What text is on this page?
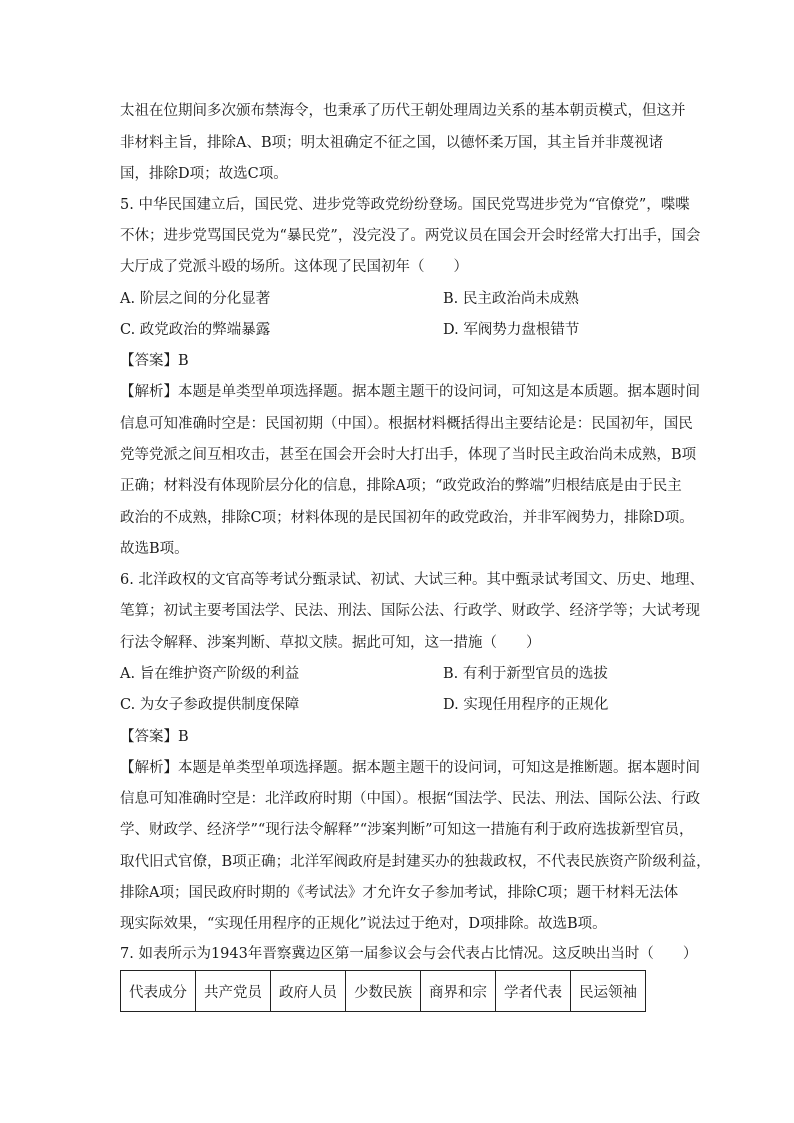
太祖在位期间多次颁布禁海令，也秉承了历代王朝处理周边关系的基本朝贡模式，但这并
非材料主旨，排除A、B项；明太祖确定不征之国，以德怀柔万国，其主旨并非蔑视诸
国，排除D项；故选C项。
5. 中华民国建立后，国民党、进步党等政党纷纷登场。国民党骂进步党为“官僚党”，喋喋
不休；进步党骂国民党为“暴民党”，没完没了。两党议员在国会开会时经常大打出手，国会
大厅成了党派斗殴的场所。这体现了民国初年（　　）
A. 阶层之间的分化显著	B. 民主政治尚未成熟
C. 政党政治的弊端暴露	D. 军阀势力盘根错节
【答案】B
【解析】本题是单类型单项选择题。据本题主题干的设问词，可知这是本质题。据本题时间
信息可知准确时空是：民国初期（中国）。根据材料概括得出主要结论是：民国初年，国民
党等党派之间互相攻击，甚至在国会开会时大打出手，体现了当时民主政治尚未成熟，B项
正确；材料没有体现阶层分化的信息，排除A项；“政党政治的弊端”归根结底是由于民主
政治的不成熟，排除C项；材料体现的是民国初年的政党政治，并非军阀势力，排除D项。
故选B项。
6. 北洋政权的文官高等考试分甄录试、初试、大试三种。其中甄录试考国文、历史、地理、
笔算；初试主要考国法学、民法、刑法、国际公法、行政学、财政学、经济学等；大试考现
行法令解释、涉案判断、草拟文牍。据此可知，这一措施（　　）
A. 旨在维护资产阶级的利益	B. 有利于新型官员的选拔
C. 为女子参政提供制度保障	D. 实现任用程序的正规化
【答案】B
【解析】本题是单类型单项选择题。据本题主题干的设问词，可知这是推断题。据本题时间
信息可知准确时空是：北洋政府时期（中国）。根据“国法学、民法、刑法、国际公法、行政
学、财政学、经济学”“现行法令解释”“涉案判断”可知这一措施有利于政府选拔新型官员，
取代旧式官僚，B项正确；北洋军阀政府是封建买办的独裁政权，不代表民族资产阶级利益，
排除A项；国民政府时期的《考试法》才允许女子参加考试，排除C项；题干材料无法体
现实际效果，“实现任用程序的正规化”说法过于绝对，D项排除。故选B项。
7. 如表所示为1943年晋察冀边区第一届参议会与会代表占比情况。这反映出当时（　　）
代表成分	共产党员	政府人员	少数民族	商界和宗	学者代表	民运领袖
